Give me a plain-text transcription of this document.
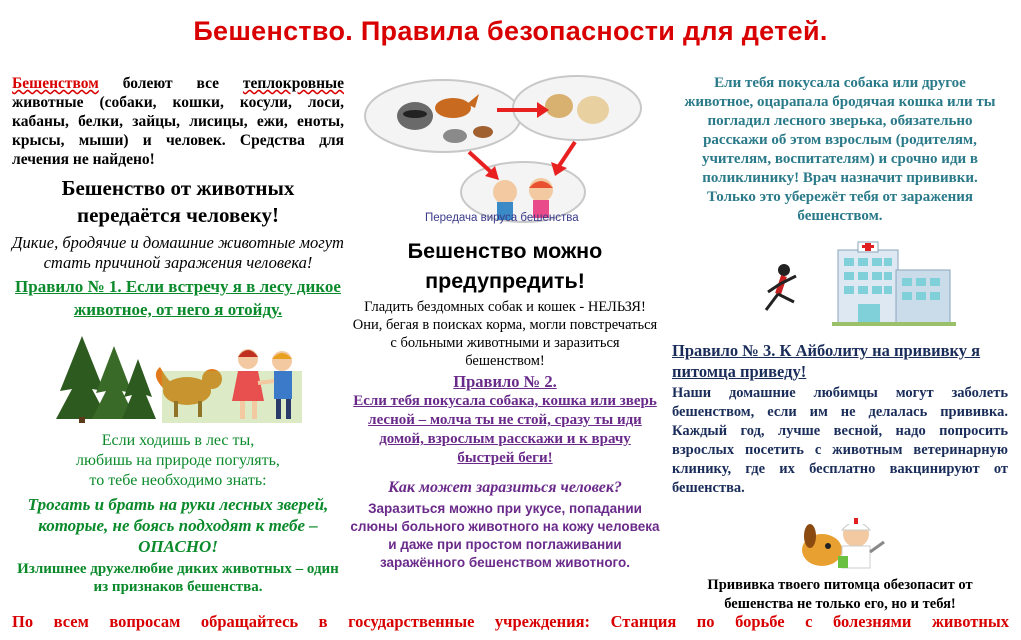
Бешенство. Правила безопасности для детей.
Бешенством болеют все теплокровные животные (собаки, кошки, косули, лоси, кабаны, белки, зайцы, лисицы, ежи, еноты, крысы, мыши) и человек. Средства для лечения не найдено!
Бешенство от животных передаётся человеку!
Дикие, бродячие и домашние животные могут стать причиной заражения человека!
Правило № 1. Если встречу я в лесу дикое животное, от него я отойду.
Если ходишь в лес ты,
любишь на природе погулять,
то тебе необходимо знать:
Трогать и брать на руки лесных зверей, которые, не боясь подходят к тебе – ОПАСНО!
Излишнее дружелюбие диких животных – один из признаков бешенства.
Передача вируса бешенства
Бешенство можно предупредить!
Гладить бездомных собак и кошек - НЕЛЬЗЯ! Они, бегая в поисках корма, могли повстречаться с больными животными и заразиться бешенством!
Правило № 2.
Если тебя покусала собака, кошка или зверь лесной – молча ты не стой, сразу ты иди домой, взрослым расскажи и к врачу быстрей беги!
Как может заразиться человек?
Заразиться можно при укусе, попадании слюны больного животного на кожу человека и даже при простом поглаживании заражённого бешенством животного.
Ели тебя покусала собака или другое животное, оцарапала бродячая кошка или ты погладил лесного зверька, обязательно расскажи об этом взрослым (родителям, учителям, воспитателям) и срочно иди в поликлинику! Врач назначит прививки. Только это убережёт тебя от заражения бешенством.
Правило № 3. К Айболиту на прививку я питомца приведу!
Наши домашние любимцы могут заболеть бешенством, если им не делалась прививка. Каждый год, лучше весной, надо попросить взрослых посетить с животным ветеринарную клинику, где их бесплатно вакцинируют от бешенства.
Прививка твоего питомца обезопасит от бешенства не только его, но и тебя!
По всем вопросам обращайтесь в государственные учреждения: Станция по борьбе с болезнями животных
